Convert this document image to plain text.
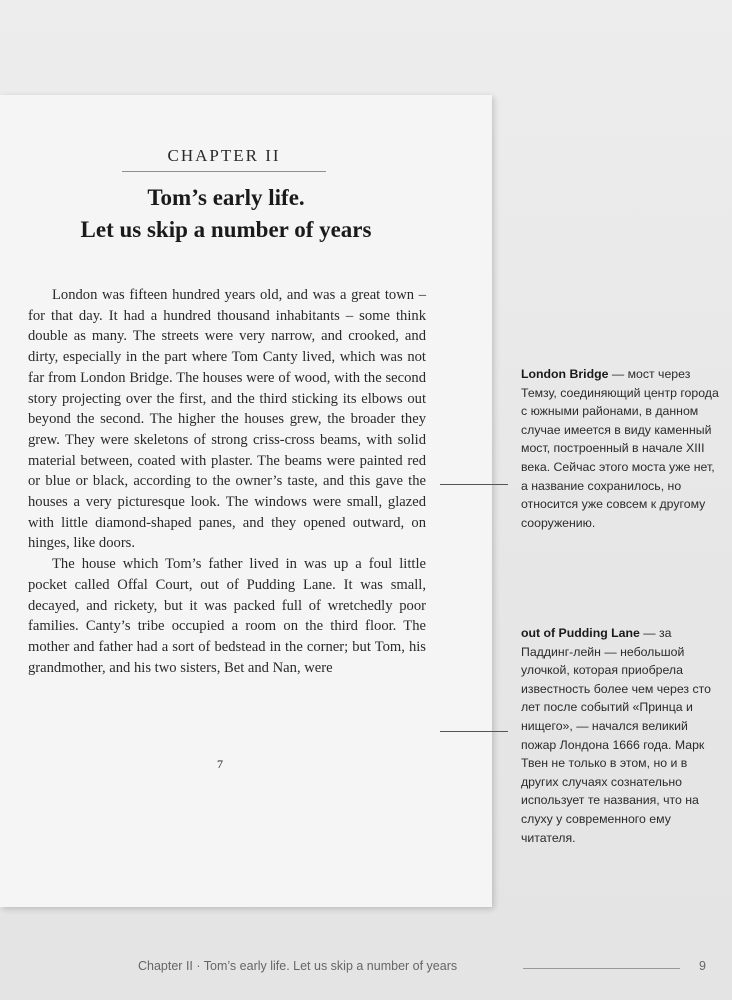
CHAPTER II
Tom’s early life.
Let us skip a number of years

London was fifteen hundred years old, and was a great town – for that day. It had a hundred thousand inhabitants – some think double as many. The streets were very narrow, and crooked, and dirty, especially in the part where Tom Canty lived, which was not far from London Bridge. The houses were of wood, with the second story projecting over the first, and the third sticking its elbows out beyond the second. The higher the houses grew, the broader they grew. They were skeletons of strong criss-cross beams, with solid material between, coated with plaster. The beams were painted red or blue or black, according to the owner’s taste, and this gave the houses a very picturesque look. The windows were small, glazed with little diamond-shaped panes, and they opened outward, on hinges, like doors.

The house which Tom’s father lived in was up a foul little pocket called Offal Court, out of Pudding Lane. It was small, decayed, and rickety, but it was packed full of wretchedly poor families. Canty’s tribe occupied a room on the third floor. The mother and father had a sort of bedstead in the corner; but Tom, his grandmother, and his two sisters, Bet and Nan, were

7
London Bridge — мост через Темзу, соединяющий центр города с южными районами, в данном случае имеется в виду каменный мост, построенный в начале XIII века. Сейчас этого моста уже нет, а название сохранилось, но относится уже совсем к другому сооружению.
out of Pudding Lane — за Паддинг-лейн — небольшой улочкой, которая приобрела известность более чем через сто лет после событий «Принца и нищего», — начался великий пожар Лондона 1666 года. Марк Твен не только в этом, но и в других случаях сознательно использует те названия, что на слуху у современного ему читателя.
Chapter II · Tom’s early life. Let us skip a number of years	9
